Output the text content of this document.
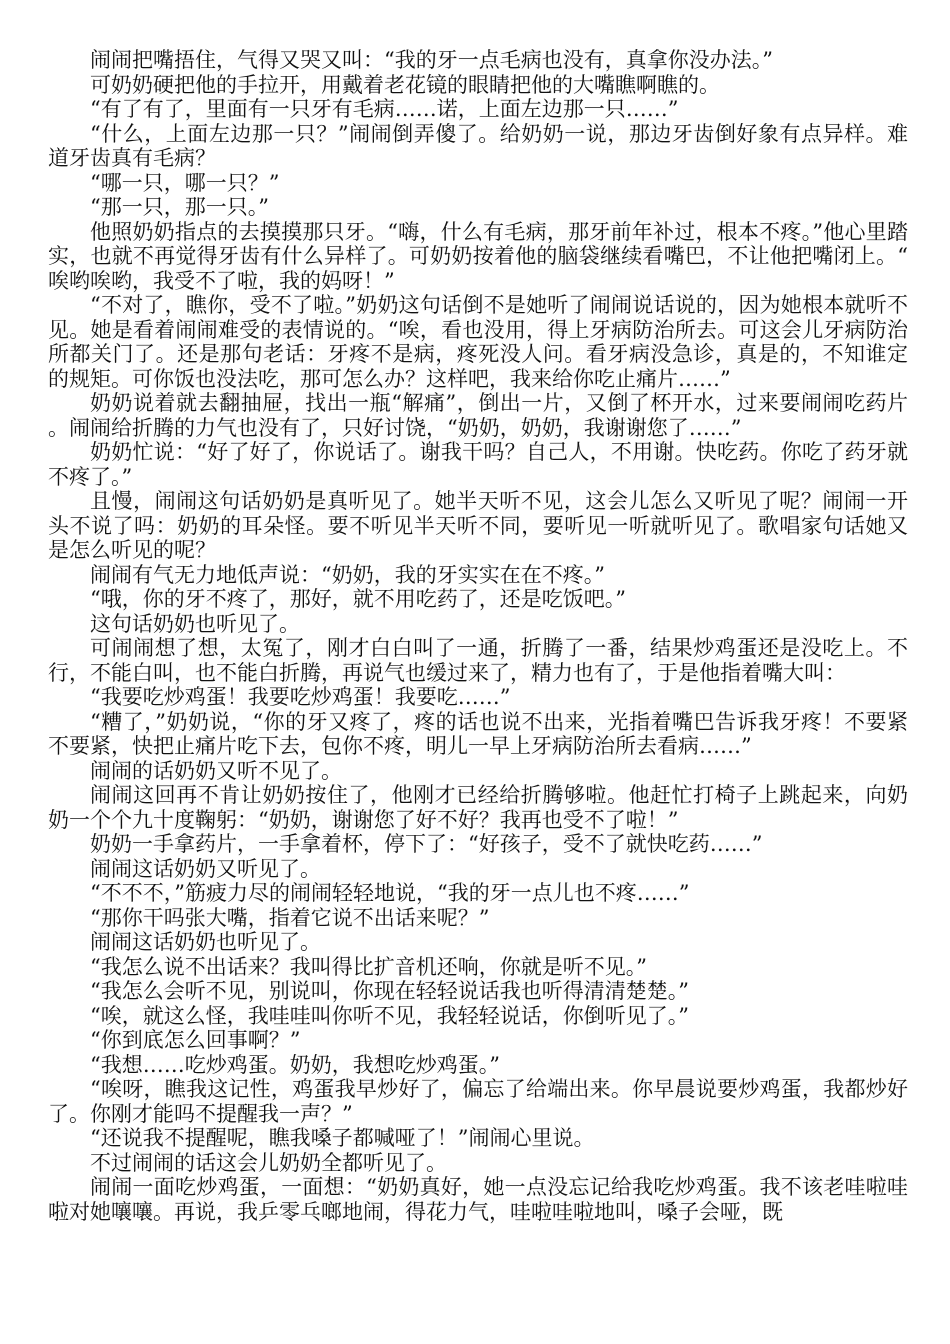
闹闹把嘴捂住，气得又哭又叫：“我的牙一点毛病也没有，真拿你没办法。”

可奶奶硬把他的手拉开，用戴着老花镜的眼睛把他的大嘴瞧啊瞧的。

“有了有了，里面有一只牙有毛病……诺，上面左边那一只……”

“什么，上面左边那一只？”闹闹倒弄傻了。给奶奶一说，那边牙齿倒好象有点异样。难道牙齿真有毛病？

“哪一只，哪一只？”

“那一只，那一只。”

他照奶奶指点的去摸摸那只牙。“嗨，什么有毛病，那牙前年补过，根本不疼。”他心里踏实，也就不再觉得牙齿有什么异样了。可奶奶按着他的脑袋继续看嘴巴，不让他把嘴闭上。“唉哟唉哟，我受不了啦，我的妈呀！”

“不对了，瞧你，受不了啦。”奶奶这句话倒不是她听了闹闹说话说的，因为她根本就听不见。她是看着闹闹难受的表情说的。“唉，看也没用，得上牙病防治所去。可这会儿牙病防治所都关门了。还是那句老话：牙疼不是病，疼死没人问。看牙病没急诊，真是的，不知谁定的规矩。可你饭也没法吃，那可怎么办？这样吧，我来给你吃止痛片……”

奶奶说着就去翻抽屉，找出一瓶“解痛”，倒出一片，又倒了杯开水，过来要闹闹吃药片。闹闹给折腾的力气也没有了，只好讨饶，“奶奶，奶奶，我谢谢您了……”

奶奶忙说：“好了好了，你说话了。谢我干吗？自己人，不用谢。快吃药。你吃了药牙就不疼了。”

且慢，闹闹这句话奶奶是真听见了。她半天听不见，这会儿怎么又听见了呢？闹闹一开头不说了吗：奶奶的耳朵怪。要不听见半天听不同，要听见一听就听见了。歌唱家句话她又是怎么听见的呢？

闹闹有气无力地低声说：“奶奶，我的牙实实在在不疼。”

“哦，你的牙不疼了，那好，就不用吃药了，还是吃饭吧。”

这句话奶奶也听见了。

可闹闹想了想，太冤了，刚才白白叫了一通，折腾了一番，结果炒鸡蛋还是没吃上。不行，不能白叫，也不能白折腾，再说气也缓过来了，精力也有了，于是他指着嘴大叫：

“我要吃炒鸡蛋！我要吃炒鸡蛋！我要吃……”

“糟了，”奶奶说，“你的牙又疼了，疼的话也说不出来，光指着嘴巴告诉我牙疼！不要紧不要紧，快把止痛片吃下去，包你不疼，明儿一早上牙病防治所去看病……”

闹闹的话奶奶又听不见了。

闹闹这回再不肯让奶奶按住了，他刚才已经给折腾够啦。他赶忙打椅子上跳起来，向奶奶一个个九十度鞠躬：“奶奶，谢谢您了好不好？我再也受不了啦！”

奶奶一手拿药片，一手拿着杯，停下了：“好孩子，受不了就快吃药……”

闹闹这话奶奶又听见了。

“不不不，”筋疲力尽的闹闹轻轻地说，“我的牙一点儿也不疼……”

“那你干吗张大嘴，指着它说不出话来呢？”

闹闹这话奶奶也听见了。

“我怎么说不出话来？我叫得比扩音机还响，你就是听不见。”

“我怎么会听不见，别说叫，你现在轻轻说话我也听得清清楚楚。”

“唉，就这么怪，我哇哇叫你听不见，我轻轻说话，你倒听见了。”

“你到底怎么回事啊？”

“我想……吃炒鸡蛋。奶奶，我想吃炒鸡蛋。”

“唉呀，瞧我这记性，鸡蛋我早炒好了，偏忘了给端出来。你早晨说要炒鸡蛋，我都炒好了。你刚才能吗不提醒我一声？”

“还说我不提醒呢，瞧我嗓子都喊哑了！”闹闹心里说。

不过闹闹的话这会儿奶奶全都听见了。

闹闹一面吃炒鸡蛋，一面想：“奶奶真好，她一点没忘记给我吃炒鸡蛋。我不该老哇啦哇啦对她嚷嚷。再说，我乒零乓啷地闹，得花力气，哇啦哇啦地叫，嗓子会哑，既
